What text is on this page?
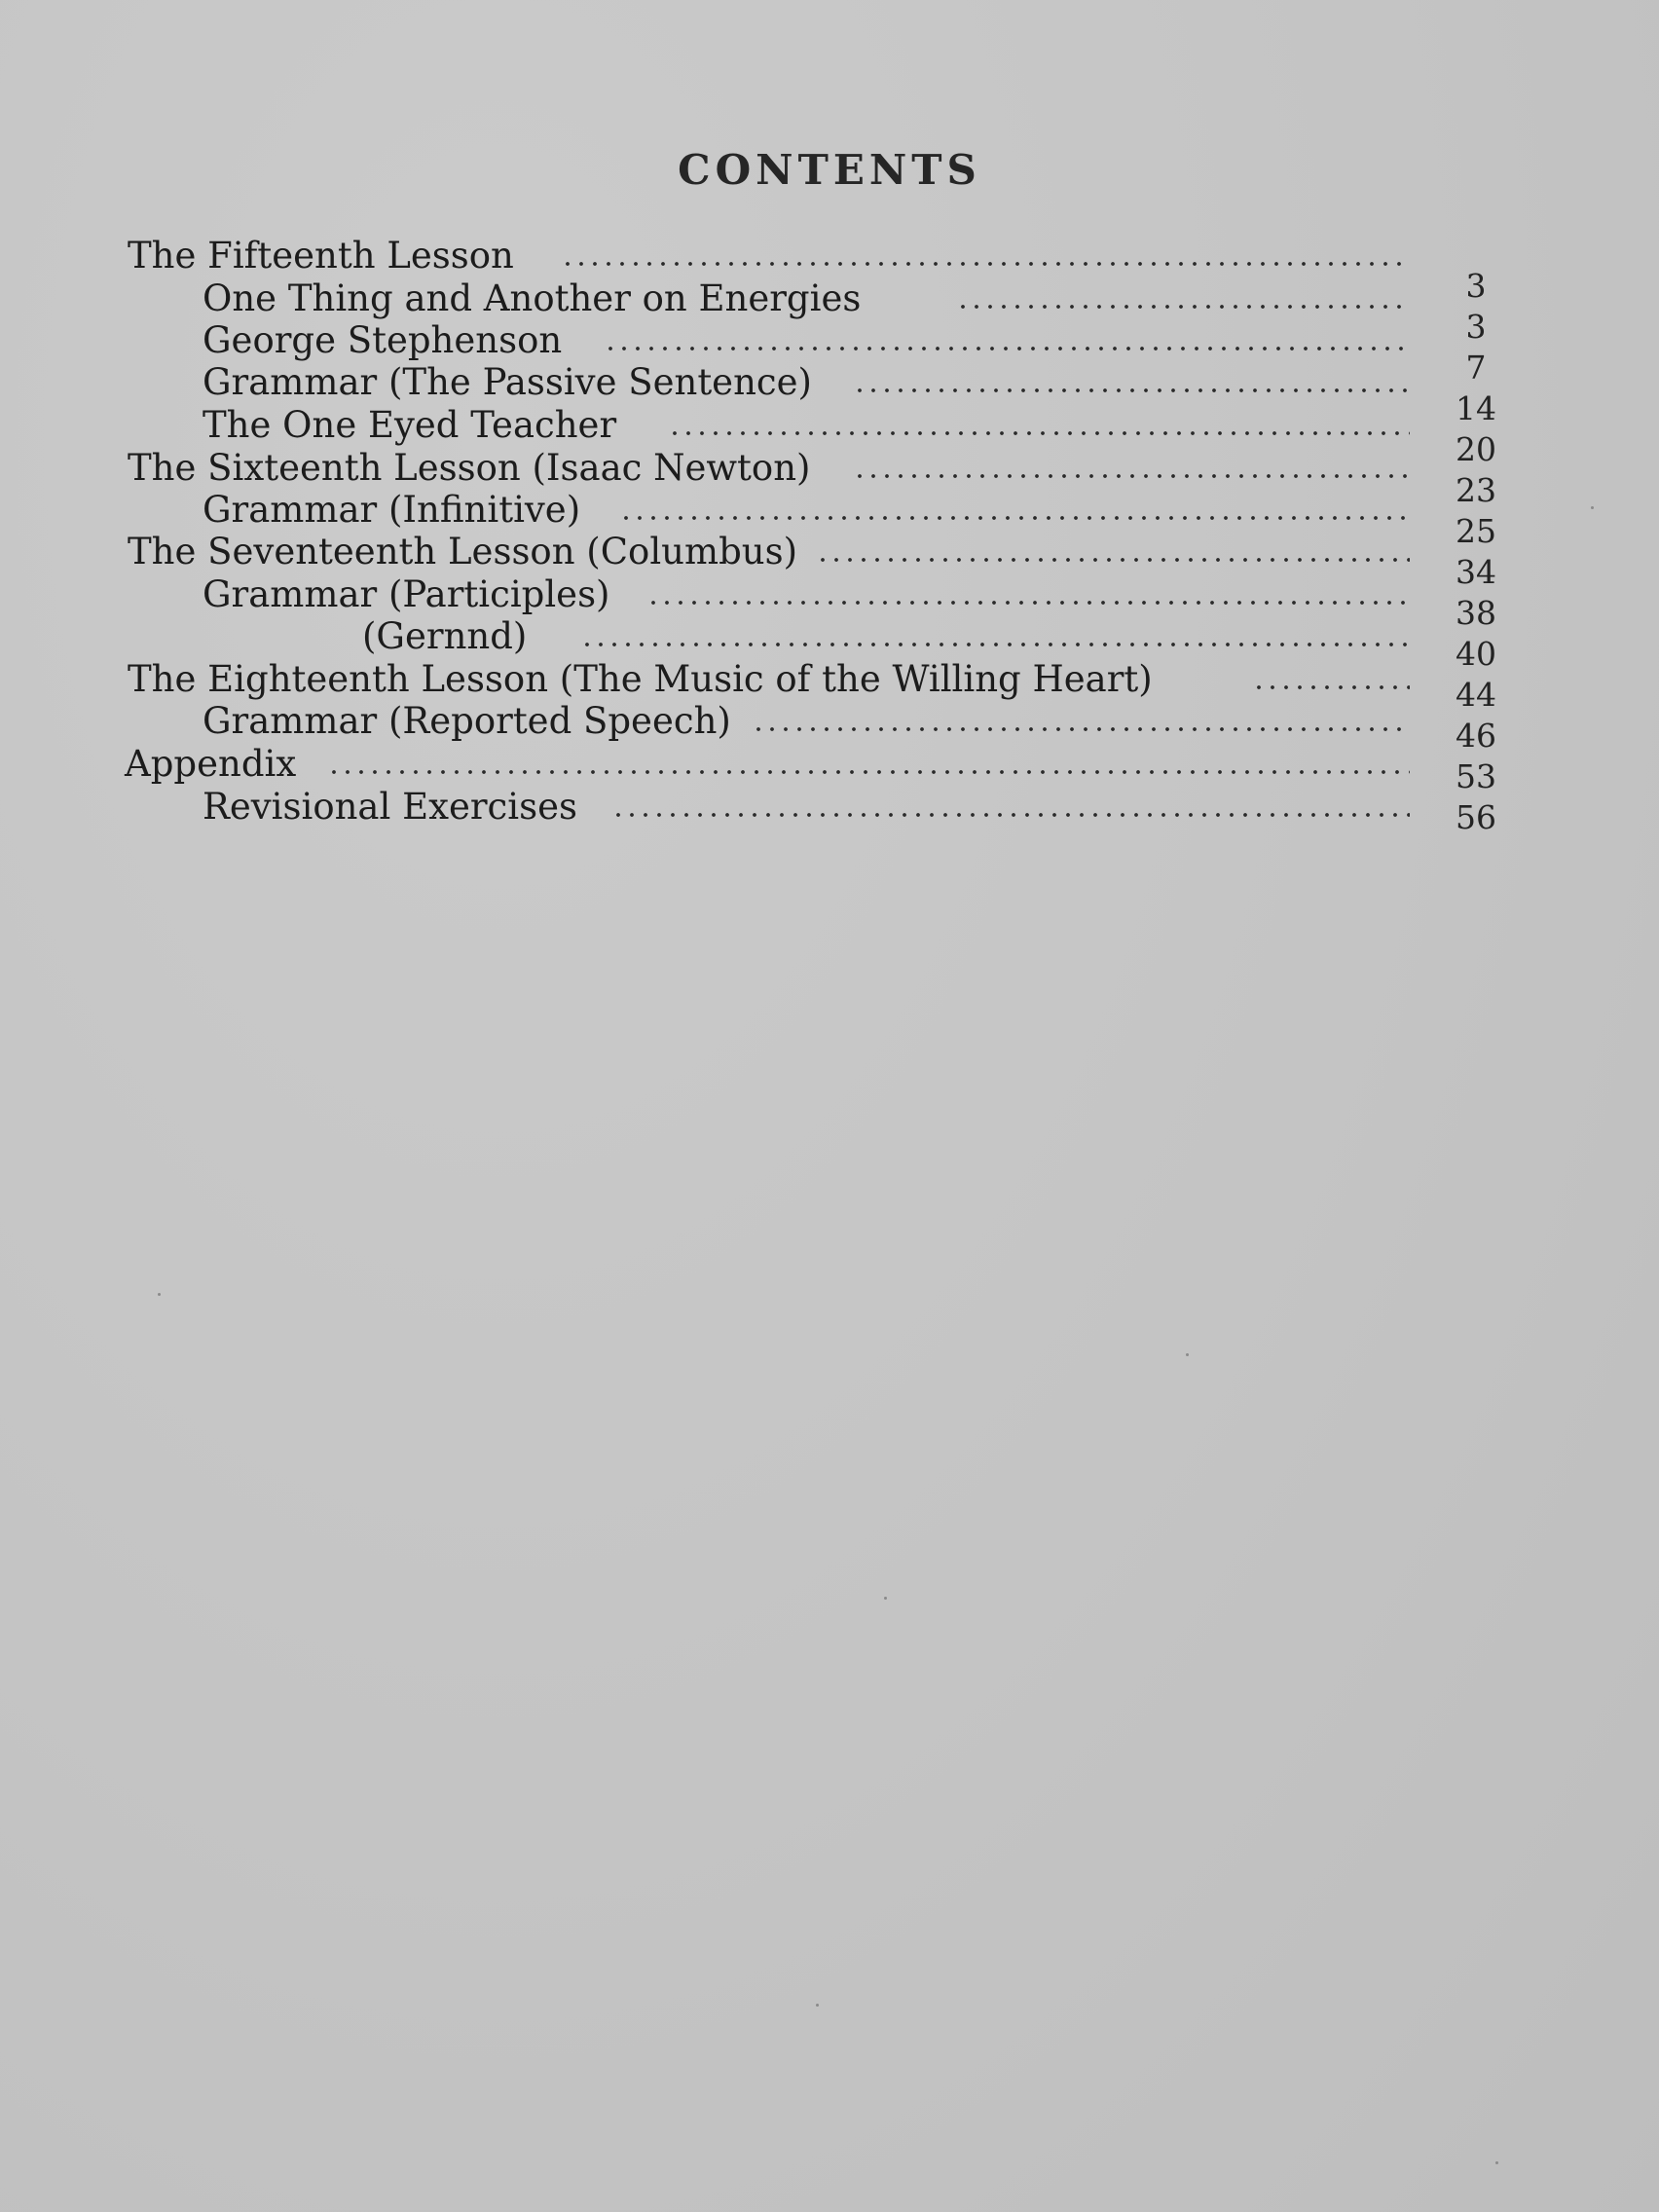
CONTENTS
The Fifteenth Lesson
One Thing and Another on Energies
George Stephenson
Grammar (The Passive Sentence)
The One Eyed Teacher
The Sixteenth Lesson (Isaac Newton)
Grammar (Infinitive)
The Seventeenth Lesson (Columbus)
Grammar (Participles)
(Gernnd)
The Eighteenth Lesson (The Music of the Willing Heart)
Grammar (Reported Speech)
Appendix
Revisional Exercises
3
3
7
14
20
23
25
34
38
40
44
46
53
56
